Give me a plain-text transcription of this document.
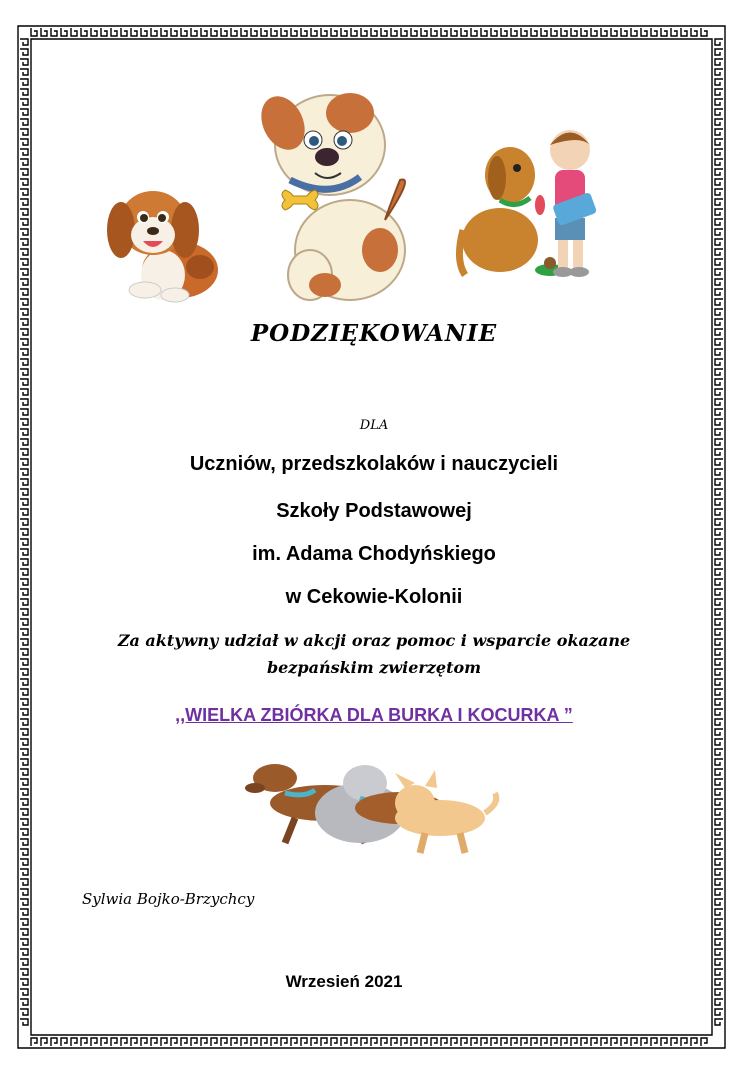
PODZIĘKOWANIE
DLA
Uczniów, przedszkolaków i nauczycieli
Szkoły Podstawowej
im. Adama Chodyńskiego
w Cekowie-Kolonii
Za aktywny udział w akcji oraz pomoc i wsparcie okazane
bezpańskim zwierzętom
,,WIELKA ZBIÓRKA DLA BURKA I KOCURKA ”
Sylwia Bojko-Brzychcy
Wrzesień 2021
